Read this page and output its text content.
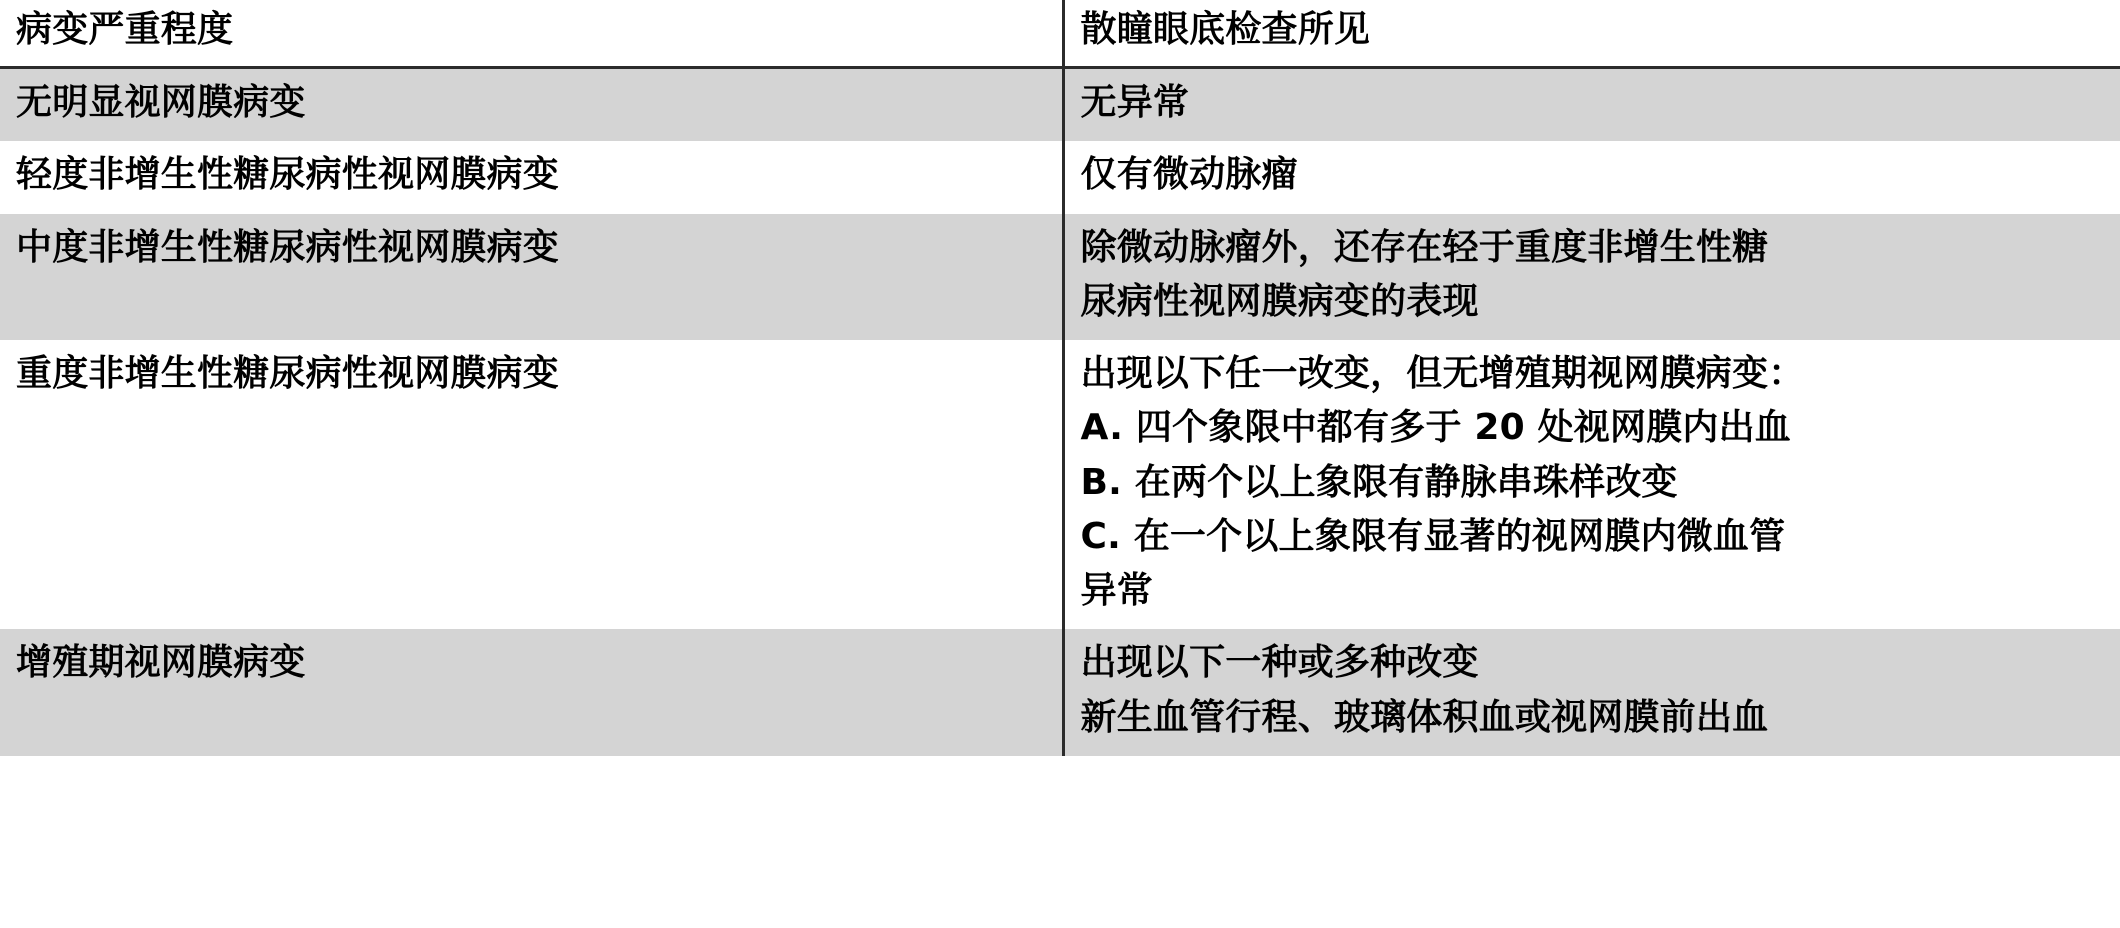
病变严重程度	散瞳眼底检查所见

无明显视网膜病变	无异常

轻度非增生性糖尿病性视网膜病变	仅有微动脉瘤

中度非增生性糖尿病性视网膜病变	除微动脉瘤外，还存在轻于重度非增生性糖
尿病性视网膜病变的表现

重度非增生性糖尿病性视网膜病变	出现以下任一改变，但无增殖期视网膜病变：
A. 四个象限中都有多于 20 处视网膜内出血
B. 在两个以上象限有静脉串珠样改变
C. 在一个以上象限有显著的视网膜内微血管
异常

增殖期视网膜病变	出现以下一种或多种改变
新生血管行程、玻璃体积血或视网膜前出血
